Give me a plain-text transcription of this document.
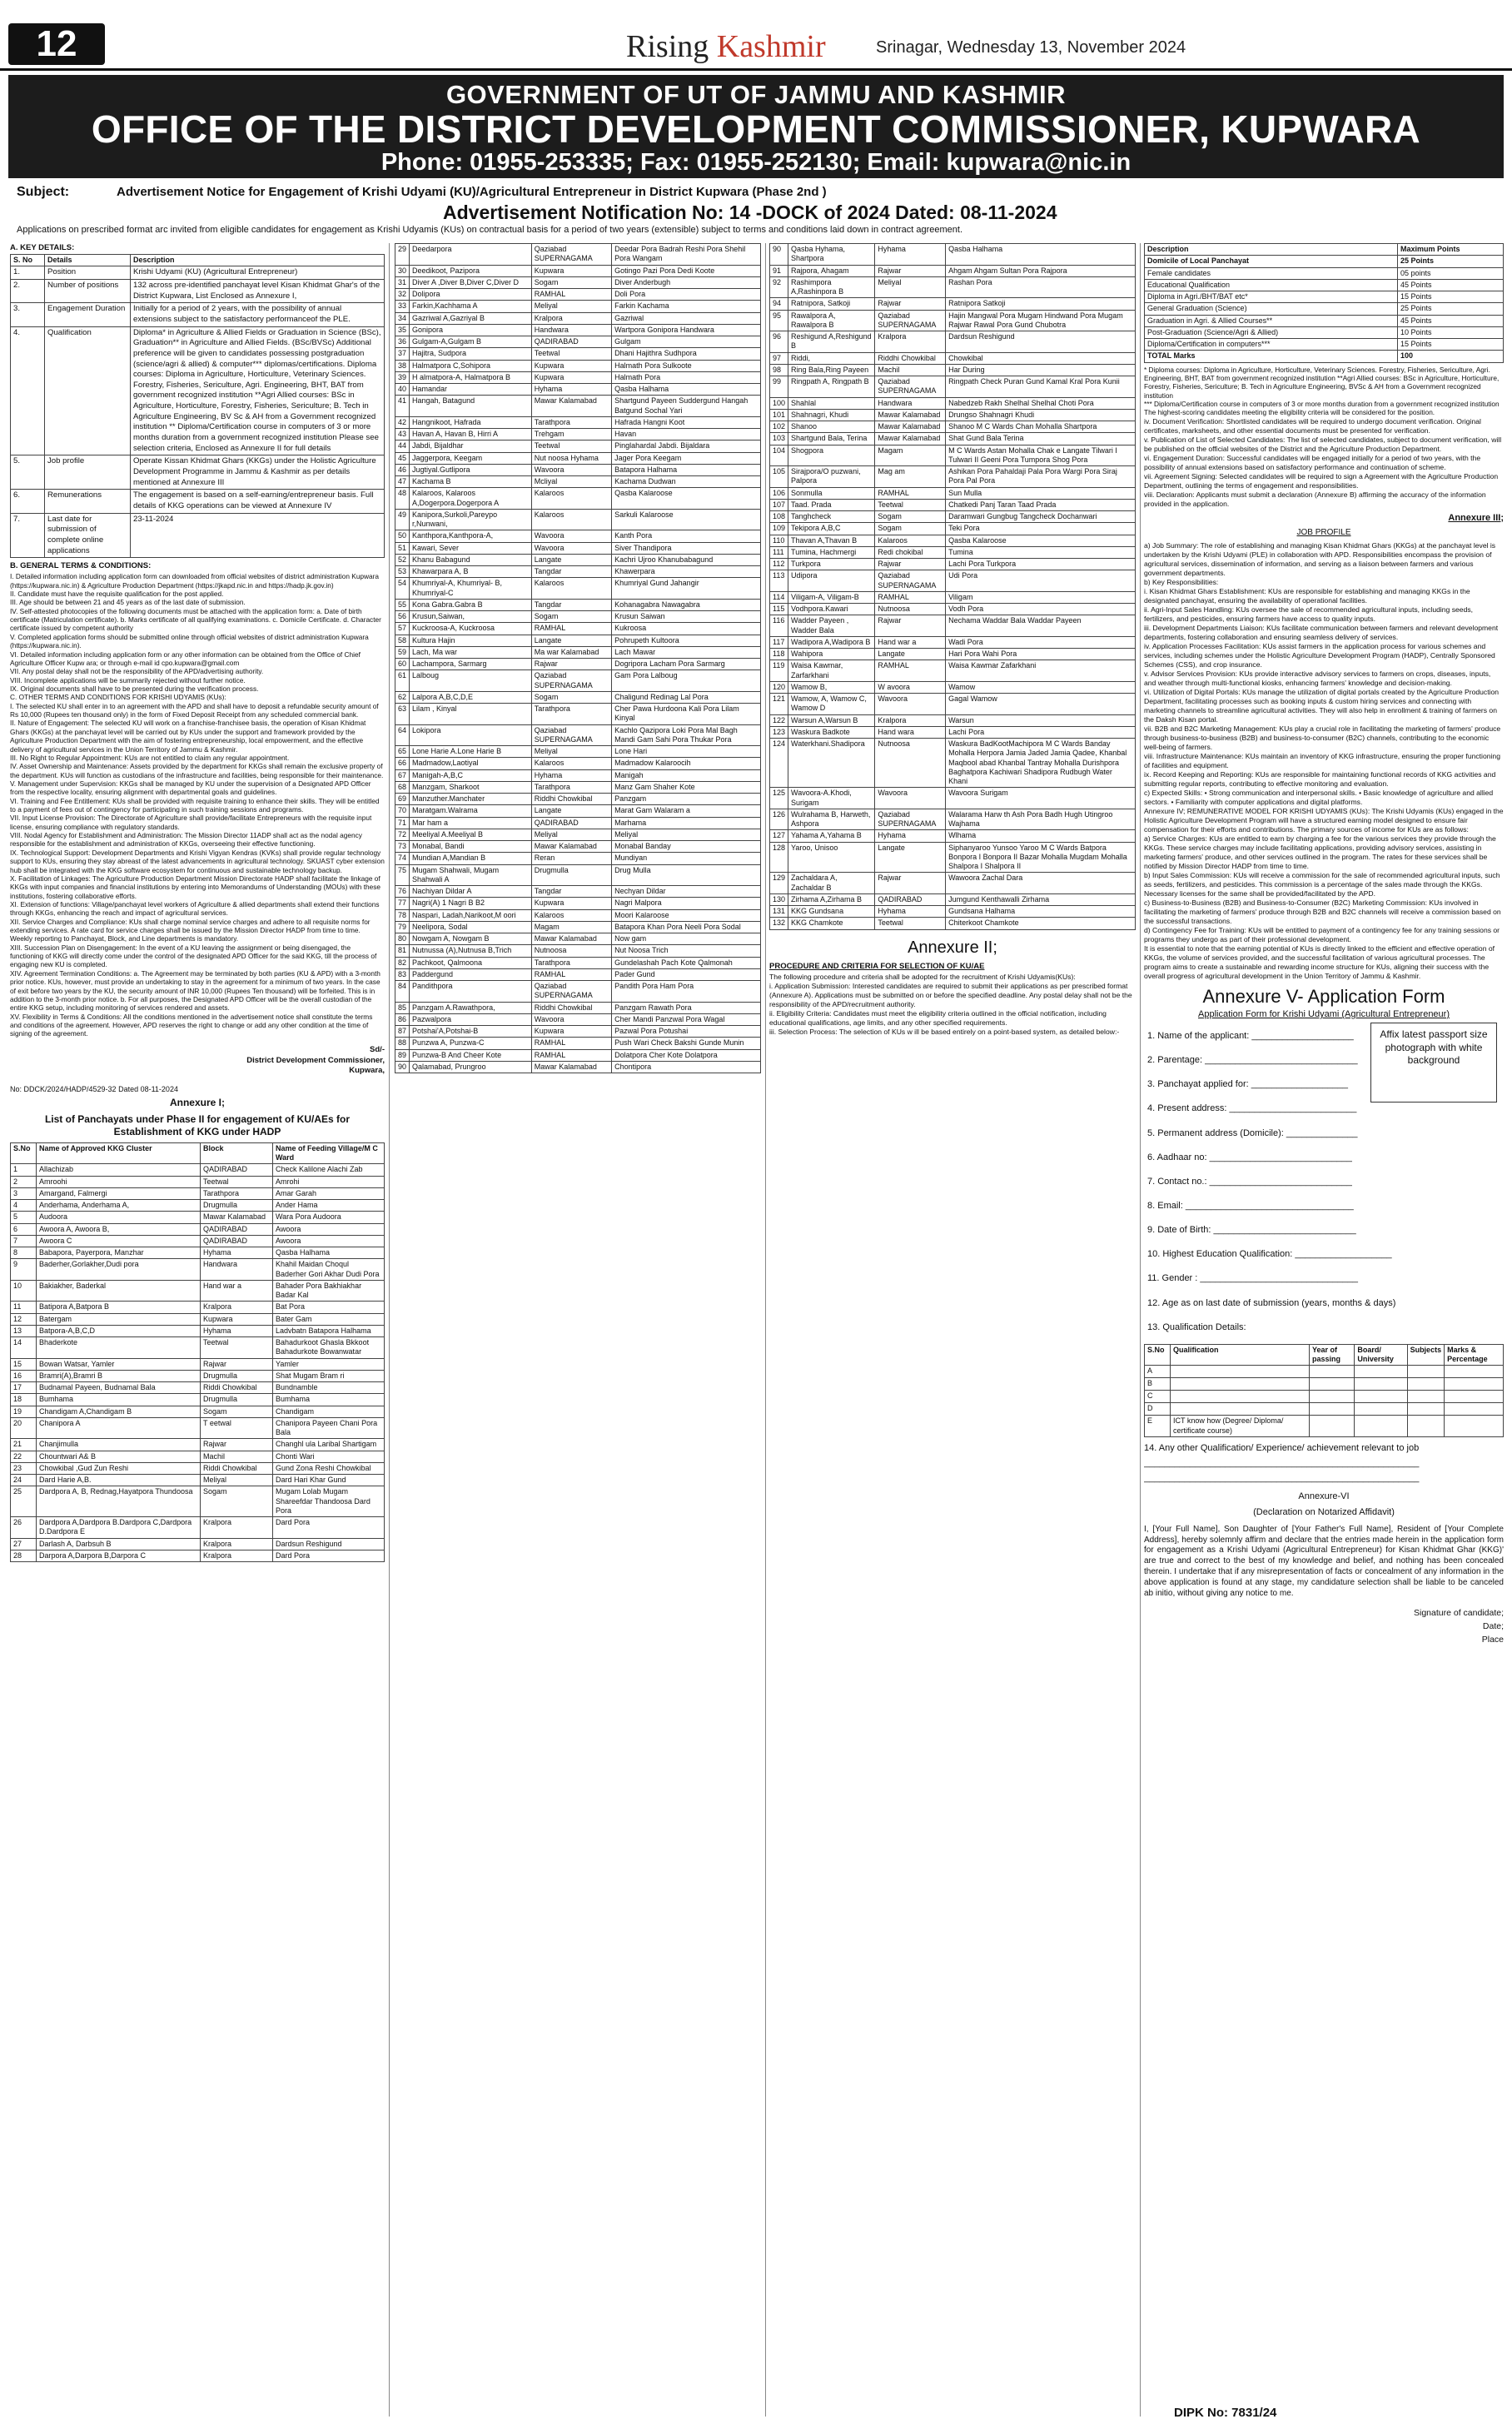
12	Rising Kashmir	Srinagar, Wednesday 13, November 2024
GOVERNMENT OF UT OF JAMMU AND KASHMIR
OFFICE OF THE DISTRICT DEVELOPMENT COMMISSIONER, KUPWARA
Phone: 01955-253335; Fax: 01955-252130; Email: kupwara@nic.in
Subject:	Advertisement Notice for Engagement of Krishi Udyami (KU)/Agricultural Entrepreneur in District Kupwara (Phase 2nd )
Advertisement Notification No: 14 -DOCK of 2024 Dated: 08-11-2024
Applications on prescribed format arc invited from eligible candidates for engagement as Krishi Udyamis (KUs) on contractual basis for a period of two years (extensible) subject to terms and conditions laid down in contract agreement.
A. KEY DETAILS:
S. No	Details	Description
1.	Position	Krishi Udyami (KU) (Agricultural Entrepreneur)
2.	Number of positions	132 across pre-identified panchayat level Kisan Khidmat Ghar's of the District Kupwara, List Enclosed as Annexure I,
3.	Engagement Duration	Initially for a period of 2 years, with the possibility of annual extensions subject to the satisfactory performanceof the PLE.
4.	Qualification	Diploma* in Agriculture & Allied Fields or Graduation in Science (BSc), Graduation** in Agriculture and Allied Fields. (BSc/BVSc) Additional preference will be given to candidates possessing postgraduation (science/agri & allied) & computer*** diplomas/certifications. Diploma courses: Diploma in Agriculture, Horticulture, Veterinary Sciences. Forestry, Fisheries, Sericulture, Agri. Engineering, BHT, BAT from government recognized institution **Agri Allied courses: BSc in Agriculture, Horticulture, Forestry, Fisheries, Sericulture; B. Tech in Agriculture Engineering, BV Sc & AH from a Government recognized institution ** Diploma/Certification course in computers of 3 or more months duration from a government recognized institution Please see selection criteria, Enclosed as Annexure II for full details
5.	Job profile	Operate Kissan Khidmat Ghars (KKGs) under the Holistic Agriculture Development Programme in Jammu & Kashmir as per details mentioned at Annexure III
6.	Remunerations	The engagement is based on a self-earning/entrepreneur basis. Full details of KKG operations can be viewed at Annexure IV
7.	Last date for submission of complete online applications	23-11-2024
B. GENERAL TERMS & CONDITIONS:

I. Detailed information including application form can downloaded from official websites of district administration Kupwara (https://kupwara.nic.in) & Agriculture Production Department (https://jkapd.nic.in and https://hadp.jk.gov.in)

II. Candidate must have the requisite qualification for the post applied.

III. Age should be between 21 and 45 years as of the last date of submission.

IV. Self-attested photocopies of the following documents must be attached with the application form: a. Date of birth certificate (Matriculation certificate). b. Marks certificate of all qualifying examinations. c. Domicile Certificate. d. Character certificate issued by competent authority

V. Completed application forms should be submitted online through official websites of district administration Kupwara (https://kupwara.nic.in).

VI. Detailed information including application form or any other information can be obtained from the Office of Chief Agriculture Officer Kupw ara; or through e-mail id cpo.kupwara@gmail.com

VII. Any postal delay shall not be the responsibility of the APD/advertising authority.

VIII. Incomplete applications will be summarily rejected without further notice.

IX. Original documents shall have to be presented during the verification process.

C. OTHER TERMS AND CONDITIONS FOR KRISHI UDYAMIS (KUs):

I. The selected KU shall enter in to an agreement with the APD and shall have to deposit a refundable security amount of Rs 10,000 (Rupees ten thousand only) in the form of Fixed Deposit Receipt from any scheduled commercial bank.

II. Nature of Engagement: The selected KU will work on a franchise-franchisee basis, the operation of Kisan Khidmat Ghars (KKGs) at the panchayat level will be carried out by KUs under the support and framework provided by the Agriculture Production Department with the aim of fostering entrepreneurship, local empowerment, and the effective delivery of agricultural services in the Union Territory of Jammu & Kashmir.

III. No Right to Regular Appointment: KUs are not entitled to claim any regular appointment.

IV. Asset Ownership and Maintenance: Assets provided by the department for KKGs shall remain the exclusive property of the department. KUs will function as custodians of the infrastructure and facilities, being responsible for their maintenance.

V. Management under Supervision: KKGs shall be managed by KU under the supervision of a Designated APD Officer from the respective locality, ensuring alignment with departmental goals and guidelines.

VI. Training and Fee Entitlement: KUs shall be provided with requisite training to enhance their skills. They will be entitled to a payment of fees out of contingency for participating in such training sessions and programs.

VII. Input License Provision: The Directorate of Agriculture shall provide/facilitate Entrepreneurs with the requisite input license, ensuring compliance with regulatory standards.

VIII. Nodal Agency for Establishment and Administration: The Mission Director 11ADP shall act as the nodal agency responsible for the establishment and administration of KKGs, overseeing their effective functioning.

IX. Technological Support: Development Departments and Krishi Vigyan Kendras (KVKs) shall provide regular technology support to KUs, ensuring they stay abreast of the latest advancements in agricultural technology. SKUAST cyber extension hub shall be integrated with the KKG software ecosystem for continuous and sustainable technology backup.

X. Facilitation of Linkages: The Agriculture Production Department Mission Directorate HADP shall facilitate the linkage of KKGs with input companies and financial institutions by entering into Memorandums of Understanding (MOUs) with these institutions, fostering collaborative efforts.

XI. Extension of functions: Village/panchayat level workers of Agriculture & allied departments shall extend their functions through KKGs, enhancing the reach and impact of agricultural services.

XII. Service Charges and Compliance: KUs shall charge nominal service charges and adhere to all requisite norms for extending services. A rate card for service charges shall be issued by the Mission Director HADP from time to time. Weekly reporting to Panchayat, Block, and Line departments is mandatory.

XIII. Succession Plan on Disengagement: In the event of a KU leaving the assignment or being disengaged, the functioning of KKG will directly come under the control of the designated APD Officer for the said KKG, till the process of engaging new KU is completed.

XIV. Agreement Termination Conditions: a. The Agreement may be terminated by both parties (KU & APD) with a 3-month prior notice. KUs, however, must provide an undertaking to stay in the agreement for a minimum of two years. In the case of exit before two years by the KU, the security amount of INR 10,000 (Rupees Ten thousand) will be forfeited. This is in addition to the 3-month prior notice. b. For all purposes, the Designated APD Officer will be the overall custodian of the entire KKG setup, including monitoring of services rendered and assets.

XV. Flexibility in Terms & Conditions: All the conditions mentioned in the advertisement notice shall constitute the terms and conditions of the agreement. However, APD reserves the right to change or add any other condition at the time of signing of the agreement.

Sd/-
District Development Commissioner,
Kupwara,
No: DDCK/2024/HADP/4529-32 Dated 08-11-2024
Annexure I;
List of Panchayats under Phase II for engagement of KU/AEs for Establishment of KKG under HADP
S.No	Name of Approved KKG Cluster	Block	Name of Feeding Village/M C Ward
1	Allachizab	QADIRABAD	Check Kalilone Alachi Zab
2	Amroohi	Teetwal	Amrohi
3	Amargand, Falmergi	Tarathpora	Amar Garah
4	Anderhama, Anderhama A,	Drugmulla	Ander Hama
5	Audoora	Mawar Kalamabad	Wara Pora Audoora
6	Awoora A, Awoora B,	QADIRABAD	Awoora
7	Awoora C	QADIRABAD	Awoora
8	Babapora, Payerpora, Manzhar	Hyhama	Qasba Halhama
9	Baderher,Gorlakher,Dudi pora	Handwara	Khahil Maidan Choqul Baderher Gori Akhar Dudi Pora
10	Bakiakher, Baderkal	Hand war a	Bahader Pora Bakhiakhar Badar Kal
11	Batipora A,Batpora B	Kralpora	Bat Pora
12	Batergam	Kupwara	Bater Gam
13	Batpora-A,B,C,D	Hyhama	Ladvbatn Batapora Halhama
14	Bhaderkote	Teetwal	Bahadurkoot Ghasla Bkkoot Bahadurkote Bowanwatar
15	Bowan Watsar, Yamler	Rajwar	Yamler
16	Bramri(A),Bramri B	Drugmulla	Shat Mugam Bram ri
17	Budnamal Payeen, Budnamal Bala	Riddi Chowkibal	Bundnamble
18	Bumhama	Drugmulla	Bumhama
19	Chandigam A,Chandigam B	Sogam	Chandigam
20	Chanipora A	T eetwal	Chanipora Payeen Chani Pora Bala
21	Chanjimulla	Rajwar	Changhl ula Laribal Shartigam
22	Chountwari A& B	Machil	Chonti Wari
23	Chowkibal ,Gud Zun Reshi	Riddi Chowkibal	Gund Zona Reshi Chowkibal
24	Dard Harie A,B.	Meliyal	Dard Hari Khar Gund
25	Dardpora A, B, Rednag,Hayatpora Thundoosa	Sogam	Mugam Lolab Mugam Shareefdar Thandoosa Dard Pora
26	Dardpora A,Dardpora B.Dardpora C,Dardpora D.Dardpora E	Kralpora	Dard Pora
27	Darlash A, Darbsuh B	Kralpora	Dardsun Reshigund
28	Darpora A,Darpora B,Darpora C	Kralpora	Dard Pora
29	Deedarpora	Qaziabad SUPERNAGAMA	Deedar Pora Badrah Reshi Pora Shehil Pora Wangam
30	Deedikoot, Pazipora	Kupwara	Gotingo Pazi Pora Dedi Koote
31	Diver A ,Diver B,Diver C,Diver D	Sogam	Diver Anderbugh
32	Dolipora	RAMHAL	Doli Pora
33	Farkin,Kachhama A	Meliyal	Farkin Kachama
34	Gazriwal A,Gazriyal B	Kralpora	Gazriwal
35	Gonipora	Handwara	Wartpora Gonipora Handwara
36	Gulgam-A,Gulgam B	QADIRABAD	Gulgam
37	Hajitra, Sudpora	Teetwal	Dhani Hajithra Sudhpora
38	Halmatpora C,Sohipora	Kupwara	Halmath Pora Sulkoote
39	H almatpora-A, Halmatpora B	Kupwara	Halmath Pora
40	Hamandar	Hyhama	Qasba Halhama
41	Hangah, Batagund	Mawar Kalamabad	Shartgund Payeen Suddergund Hangah Batgund Sochal Yari
42	Hangnikoot, Hafrada	Tarathpora	Hafrada Hangni Koot
43	Havan A, Havan B, Hirri A	Trehgam	Havan
44	Jabdi, Bijaldhar	Teetwal	Pinglahardal Jabdi. Bijaldara
45	Jaggerpora, Keegam	Nut noosa Hyhama	Jager Pora Keegam
46	Jugtiyal.Gutlipora	Wavoora	Batapora Halhama
47	Kachama B	Mcliyal	Kachama Dudwan
48	Kalaroos, Kalaroos A,Dogerpora.Dogerpora A	Kalaroos	Qasba Kalaroose
49	Kanipora,Surkoli,Pareypo r,Nunwani,	Kalaroos	Sarkuli Kalaroose
50	Kanthpora,Kanthpora-A,	Wavoora	Kanth Pora
51	Kawari, Sever	Wavoora	Siver Thandipora
52	Khanu Babagund	Langate	Kachri Ujroo Khanubabagund
53	Khawarpara A, B	Tangdar	Khawerpara
54	Khumriyal-A, Khumriyal- B, Khumriyal-C	Kalaroos	Khumriyal Gund Jahangir
55	Kona Gabra.Gabra B	Tangdar	Kohanagabra Nawagabra
56	Krusun,Saiwan,	Sogam	Krusun Saiwan
57	Kuckroosa-A, Kuckroosa	RAMHAL	Kukroosa
58	Kultura Hajin	Langate	Pohrupeth Kultoora
59	Lach, Ma war	Ma war Kalamabad	Lach Mawar
60	Lachampora, Sarmarg	Rajwar	Dogripora Lacham Pora Sarmarg
61	Lalboug	Qaziabad SUPERNAGAMA	Gam Pora Lalboug
62	Lalpora A,B,C,D,E	Sogam	Chaligund Redinag Lal Pora
63	Lilam , Kinyal	Tarathpora	Cher Pawa Hurdoona Kali Pora Lilam Kinyal
64	Lokipora	Qaziabad SUPERNAGAMA	Kachlo Qazipora Loki Pora Mal Bagh Mandi Gam Sahi Pora Thukar Pora
65	Lone Harie A.Lone Harie B	Meliyal	Lone Hari
66	Madmadow,Laotiyal	Kalaroos	Madmadow Kalaroocih
67	Manigah-A,B,C	Hyhama	Manigah
68	Manzgam, Sharkoot	Tarathpora	Manz Gam Shaher Kote
69	Manzuther.Manchater	Riddhi Chowkibal	Panzgam
70	Maratgam.Walrama	Langate	Marat Gam Walaram a
71	Mar ham a	QADIRABAD	Marhama
72	Meeliyal A.Meeliyal B	Meliyal	Meliyal
73	Monabal, Bandi	Mawar Kalamabad	Monabal Banday
74	Mundian A,Mandian B	Reran	Mundiyan
75	Mugam Shahwali, Mugam Shahwali A	Drugmulla	Drug Mulla
76	Nachiyan Dildar A	Tangdar	Nechyan Dildar
77	Nagri(A) 1 Nagri B B2	Kupwara	Nagri Malpora
78	Naspari, Ladah,Narikoot,M oori	Kalaroos	Moori Kalaroose
79	Neelipora, Sodal	Magam	Batapora Khan Pora Neeli Pora Sodal
80	Nowgam A, Nowgam B	Mawar Kalamabad	Now gam
81	Nutnussa (A),Nutnusa B,Trich	Nutnoosa	Nut Noosa Trich
82	Pachkoot, Qalmoona	Tarathpora	Gundelashah Pach Kote Qalmonah
83	Paddergund	RAMHAL	Pader Gund
84	Pandithpora	Qaziabad SUPERNAGAMA	Pandith Pora Ham Pora
85	Panzgam A.Rawathpora,	Riddhi Chowkibal	Panzgam Rawath Pora
86	Pazwalpora	Wavoora	Cher Mandi Panzwal Pora Wagal
87	Potshai'A,Potshai-B	Kupwara	Pazwal Pora Potushai
88	Punzwa A, Punzwa-C	RAMHAL	Push Wari Check Bakshi Gunde Munin
89	Punzwa-B And Cheer Kote	RAMHAL	Dolatpora Cher Kote Dolatpora
90	Qalamabad, Prungroo	Mawar Kalamabad	Chontipora
90	Qasba Hyhama, Shartpora	Hyhama	Qasba Halhama
91	Rajpora, Ahagam	Rajwar	Ahgam Ahgam Sultan Pora Rajpora
92	Rashimpora A,Rashinpora B	Meliyal	Rashan Pora
94	Ratnipora, Satkoji	Rajwar	Ratnipora Satkoji
95	Rawalpora A, Rawalpora B	Qaziabad SUPERNAGAMA	Hajin Mangwal Pora Mugam Hindwand Pora Mugam Rajwar Rawal Pora Gund Chubotra
96	Reshigund A,Reshigund B	Kralpora	Dardsun Reshigund
97	Riddi,	Riddhi Chowkibal	Chowkibal
98	Ring Bala,Ring Payeen	Machil	Har During
99	Ringpath A, Ringpath B	Qaziabad SUPERNAGAMA	Ringpath Check Puran Gund Kamal Kral Pora Kunii
100	Shahlal	Handwara	Nabedzeb Rakh Shelhal Shelhal Choti Pora
101	Shahnagri, Khudi	Mawar Kalamabad	Drungso Shahnagri Khudi
102	Shanoo	Mawar Kalamabad	Shanoo M C Wards Chan Mohalla Shartpora
103	Shartgund Bala, Terina	Mawar Kalamabad	Shat Gund Bala Terina
104	Shogpora	Magam	M C Wards Astan Mohalla Chak e Langate Tilwari I Tulwari II Geeni Pora Tumpora Shog Pora
105	Sirajpora/O puzwani, Palpora	Mag am	Ashikan Pora Pahaldaji Pala Pora Wargi Pora Siraj Pora Pal Pora
106	Sonmulla	RAMHAL	Sun Mulla
107	Taad. Prada	Teetwal	Chatkedi Panj Taran Taad Prada
108	Tanghcheck	Sogam	Daramwari Gungbug Tangcheck Dochanwari
109	Tekipora A,B,C	Sogam	Teki Pora
110	Thavan A,Thavan B	Kalaroos	Qasba Kalaroose
111	Tumina, Hachmergi	Redi chokibal	Tumina
112	Turkpora	Rajwar	Lachi Pora Turkpora
113	Udipora	Qaziabad SUPERNAGAMA	Udi Pora
114	Viligam-A, Viligam-B	RAMHAL	Viligam
115	Vodhpora.Kawari	Nutnoosa	Vodh Pora
116	Wadder Payeen , Wadder Bala	Rajwar	Nechama Waddar Bala Waddar Payeen
117	Wadipora A,Wadipora B	Hand war a	Wadi Pora
118	Wahipora	Langate	Hari Pora Wahi Pora
119	Waisa Kawmar, Zarfarkhani	RAMHAL	Waisa Kawmar Zafarkhani
120	Wamow B,	W avoora	Wamow
121	Wamow, A, Wamow C, Wamow D	Wavoora	Gagal Wamow
122	Warsun A,Warsun B	Kralpora	Warsun
123	Waskura Badkote	Hand wara	Lachi Pora
124	Waterkhani.Shadipora	Nutnoosa	Waskura BadKootMachipora M C Wards Banday Mohalla Herpora Jamia Jaded Jamia Qadee, Khanbal Maqbool abad Khanbal Tantray Mohalla Durishpora Baghatpora Kachiwari Shadipora Rudbugh Water Khani
125	Wavoora-A.Khodi, Surigam	Wavoora	Wavoora Surigam
126	Wulrahama B, Harweth, Ashpora	Qaziabad SUPERNAGAMA	Walarama Harw th Ash Pora Badh Hugh Utingroo Wajhama
127	Yahama A,Yahama B	Hyhama	Wlhama
128	Yaroo, Unisoo	Langate	Siphanyaroo Yunsoo Yaroo M C Wards Batpora Bonpora I Bonpora II Bazar Mohalla Mugdam Mohalla Shalpora I Shalpora II
129	Zachaldara A, Zachaldar B	Rajwar	Wawoora Zachal Dara
130	Zirhama A,Zirhama B	QADIRABAD	Jumgund Kenthawalli Zirhama
131	KKG Gundsana	Hyhama	Gundsana Halhama
132	KKG Chamkote	Teetwal	Chiterkoot Chamkote
Annexure II;
PROCEDURE AND CRITERIA FOR SELECTION OF KU/AE

The following procedure and criteria shall be adopted for the recruitment of Krishi Udyamis(KUs):

i. Application Submission: Interested candidates are required to submit their applications as per prescribed format (Annexure A). Applications must be submitted on or before the specified deadline. Any postal delay shall not be the responsibility of the APD/recruitment authority.

ii. Eligibility Criteria: Candidates must meet the eligibility criteria outlined in the official notification, including educational qualifications, age limits, and any other specified requirements.

iii. Selection Process: The selection of KUs w ill be based entirely on a point-based system, as detailed below:-

Description	Maximum Points
Domicile of Local Panchayat	25 Points
Female candidates	05 points
Educational Qualification	45 Points
Diploma in Agri./BHT/BAT etc*	15 Points
General Graduation (Science)	25 Points
Graduation in Agri. & Allied Courses**	45 Points
Post-Graduation (Science/Agri & Allied)	10 Points
Diploma/Certification in computers***	15 Points
TOTAL Marks	100

* Diploma courses: Diploma in Agriculture, Horticulture, Veterinary Sciences. Forestry, Fisheries, Sericulture, Agri. Engineering, BHT, BAT from government recognized institution **Agri Allied courses: BSc in Agriculture, Horticulture, Forestry, Fisheries, Sericulture; B. Tech in Agriculture Engineering, BVSc & AH from a Government recognized institution

*** Diploma/Certification course in computers of 3 or more months duration from a government recognized institution

The highest-scoring candidates meeting the eligibility criteria will be considered for the position.

iv. Document Verification: Shortlisted candidates will be required to undergo document verification. Original certificates, marksheets, and other essential documents must be presented for verification.

v. Publication of List of Selected Candidates: The list of selected candidates, subject to document verification, will be published on the official websites of the District and the Agriculture Production Department.

vi. Engagement Duration: Successful candidates will be engaged initially for a period of two years, with the possibility of annual extensions based on satisfactory performance and continuation of scheme.

vii. Agreement Signing: Selected candidates will be required to sign a Agreement with the Agriculture Production Department, outlining the terms of engagement and responsibilities.

viii. Declaration: Applicants must submit a declaration (Annexure B) affirming the accuracy of the information provided in the application.

Annexure III;
JOB PROFILE

a) Job Summary: The role of establishing and managing Kisan Khidmat Ghars (KKGs) at the panchayat level is undertaken by the Krishi Udyami (PLE) in collaboration with APD. Responsibilities encompass the provision of agricultural services, dissemination of information, and serving as a liaison between farmers and various government departments.

b) Key Responsibilities:

i. Kisan Khidmat Ghars Establishment: KUs are responsible for establishing and managing KKGs in the designated panchayat, ensuring the availability of operational facilities.

ii. Agri-Input Sales Handling: KUs oversee the sale of recommended agricultural inputs, including seeds, fertilizers, and pesticides, ensuring farmers have access to quality inputs.

iii. Development Departments Liaison: KUs facilitate communication between farmers and relevant development departments, fostering collaboration and ensuring seamless delivery of services.

iv. Application Processes Facilitation: KUs assist farmers in the application process for various schemes and services, including schemes under the Holistic Agriculture Development Program (HADP), Centrally Sponsored Schemes (CSS), and crop insurance.

v. Advisor Services Provision: KUs provide interactive advisory services to farmers on crops, diseases, inputs, and weather through multi-functional kiosks, enhancing farmers' knowledge and decision-making.

vi. Utilization of Digital Portals: KUs manage the utilization of digital portals created by the Agriculture Production Department, facilitating processes such as booking inputs & custom hiring services and connecting with marketing channels to streamline agricultural activities. They will also help in enrollment & training of farmers on the Daksh Kisan portal.

vii. B2B and B2C Marketing Management: KUs play a crucial role in facilitating the marketing of farmers' produce through business-to-business (B2B) and business-to-consumer (B2C) channels, contributing to the economic well-being of farmers.

viii. Infrastructure Maintenance: KUs maintain an inventory of KKG infrastructure, ensuring the proper functioning of facilities and equipment.

ix. Record Keeping and Reporting: KUs are responsible for maintaining functional records of KKG activities and submitting regular reports, contributing to effective monitoring and evaluation.

c) Expected Skills: • Strong communication and interpersonal skills. • Basic knowledge of agriculture and allied sectors. • Familiarity with computer applications and digital platforms.

Annexure IV; REMUNERATIVE MODEL FOR KRISHI UDYAMIS (KUs): The Krishi Udyamis (KUs) engaged in the Holistic Agriculture Development Program will have a structured earning model designed to ensure fair compensation for their efforts and contributions. The primary sources of income for KUs are as follows:

a) Service Charges: KUs are entitled to earn by charging a fee for the various services they provide through the KKGs. These service charges may include facilitating applications, providing advisory services, assisting in marketing farmers' produce, and other services outlined in the program. The rates for these services shall be notified by Mission Director HADP from time to time.

b) Input Sales Commission: KUs will receive a commission for the sale of recommended agricultural inputs, such as seeds, fertilizers, and pesticides. This commission is a percentage of the sales made through the KKGs. Necessary licenses for the same shall be provided/facilitated by the APD.

c) Business-to-Business (B2B) and Business-to-Consumer (B2C) Marketing Commission: KUs involved in facilitating the marketing of farmers' produce through B2B and B2C channels will receive a commission based on the successful transactions.

d) Contingency Fee for Training: KUs will be entitled to payment of a contingency fee for any training sessions or programs they undergo as part of their professional development.

It is essential to note that the earning potential of KUs is directly linked to the efficient and effective operation of KKGs, the volume of services provided, and the successful facilitation of various agricultural processes. The program aims to create a sustainable and rewarding income structure for KUs, aligning their success with the overall progress of agricultural development in the Union Territory of Jammu & Kashmir.

Annexure V- Application Form
Application Form for Krishi Udyami (Agricultural Entrepreneur)
Affix latest passport size photograph with white background

1. Name of the applicant: ____________________

2. Parentage: ______________________________

3. Panchayat applied for: ___________________

4. Present address: _________________________

5. Permanent address (Domicile): ______________

6. Aadhaar no: ____________________________

7. Contact no.: ____________________________

8. Email: _________________________________

9. Date of Birth: ____________________________

10. Highest Education Qualification: ___________________

11. Gender : _______________________________

12. Age as on last date of submission (years, months & days)

13. Qualification Details:

S.No	Qualification	Year of passing	Board/ University	Subjects	Marks & Percentage
A					
B					
C					
D					
E	ICT know how (Degree/ Diploma/ certificate course)				
14. Any other Qualification/ Experience/ achievement relevant to job
______________________________________________________
______________________________________________________
Annexure-VI
(Declaration on Notarized Affidavit)

I, [Your Full Name], Son Daughter of [Your Father's Full Name], Resident of [Your Complete Address], hereby solemnly affirm and declare that the entries made herein in the application form for engagement as a Krishi Udyami (Agricultural Entrepreneur) for Kisan Khidmat Ghar (KKG)' are true and correct to the best of my knowledge and belief, and nothing has been concealed therein. I undertake that if any misrepresentation of facts or concealment of any information in the above application is found at any stage, my candidature selection shall be liable to be canceled ab initio, without giving any notice to me.

Signature of candidate;
Date;
Place
DIPK No: 7831/24
